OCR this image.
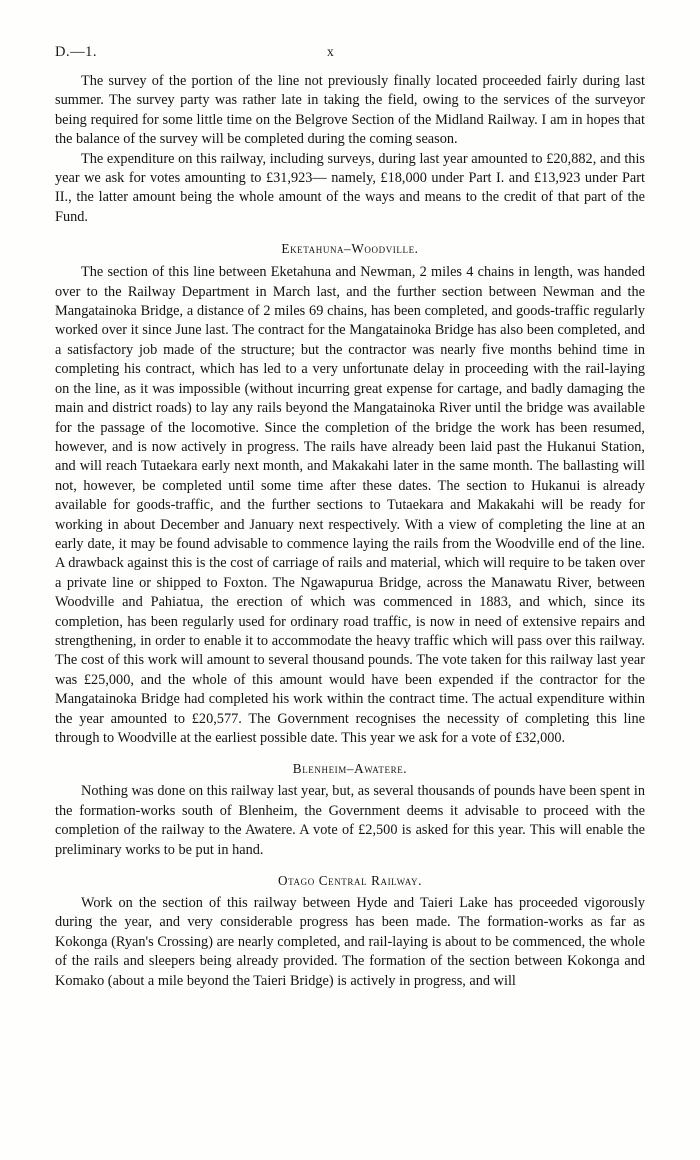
D.—1.	x

The survey of the portion of the line not previously finally located proceeded fairly during last summer. The survey party was rather late in taking the field, owing to the services of the surveyor being required for some little time on the Belgrove Section of the Midland Railway. I am in hopes that the balance of the survey will be completed during the coming season.

The expenditure on this railway, including surveys, during last year amounted to £20,882, and this year we ask for votes amounting to £31,923— namely, £18,000 under Part I. and £13,923 under Part II., the latter amount being the whole amount of the ways and means to the credit of that part of the Fund.

Eketahuna–Woodville.

The section of this line between Eketahuna and Newman, 2 miles 4 chains in length, was handed over to the Railway Department in March last, and the further section between Newman and the Mangatainoka Bridge, a distance of 2 miles 69 chains, has been completed, and goods-traffic regularly worked over it since June last. The contract for the Mangatainoka Bridge has also been completed, and a satisfactory job made of the structure; but the contractor was nearly five months behind time in completing his contract, which has led to a very unfortunate delay in proceeding with the rail-laying on the line, as it was impossible (without incurring great expense for cartage, and badly damaging the main and district roads) to lay any rails beyond the Mangatainoka River until the bridge was available for the passage of the locomotive. Since the completion of the bridge the work has been resumed, however, and is now actively in progress. The rails have already been laid past the Hukanui Station, and will reach Tutaekara early next month, and Makakahi later in the same month. The ballasting will not, however, be completed until some time after these dates. The section to Hukanui is already available for goods-traffic, and the further sections to Tutaekara and Makakahi will be ready for working in about December and January next respectively. With a view of completing the line at an early date, it may be found advisable to commence laying the rails from the Woodville end of the line. A drawback against this is the cost of carriage of rails and material, which will require to be taken over a private line or shipped to Foxton. The Ngawapurua Bridge, across the Manawatu River, between Woodville and Pahiatua, the erection of which was commenced in 1883, and which, since its completion, has been regularly used for ordinary road traffic, is now in need of extensive repairs and strengthening, in order to enable it to accommodate the heavy traffic which will pass over this railway. The cost of this work will amount to several thousand pounds. The vote taken for this railway last year was £25,000, and the whole of this amount would have been expended if the contractor for the Mangatainoka Bridge had completed his work within the contract time. The actual expenditure within the year amounted to £20,577. The Government recognises the necessity of completing this line through to Woodville at the earliest possible date. This year we ask for a vote of £32,000.

Blenheim–Awatere.

Nothing was done on this railway last year, but, as several thousands of pounds have been spent in the formation-works south of Blenheim, the Government deems it advisable to proceed with the completion of the railway to the Awatere. A vote of £2,500 is asked for this year. This will enable the preliminary works to be put in hand.

Otago Central Railway.

Work on the section of this railway between Hyde and Taieri Lake has proceeded vigorously during the year, and very considerable progress has been made. The formation-works as far as Kokonga (Ryan's Crossing) are nearly completed, and rail-laying is about to be commenced, the whole of the rails and sleepers being already provided. The formation of the section between Kokonga and Komako (about a mile beyond the Taieri Bridge) is actively in progress, and will
